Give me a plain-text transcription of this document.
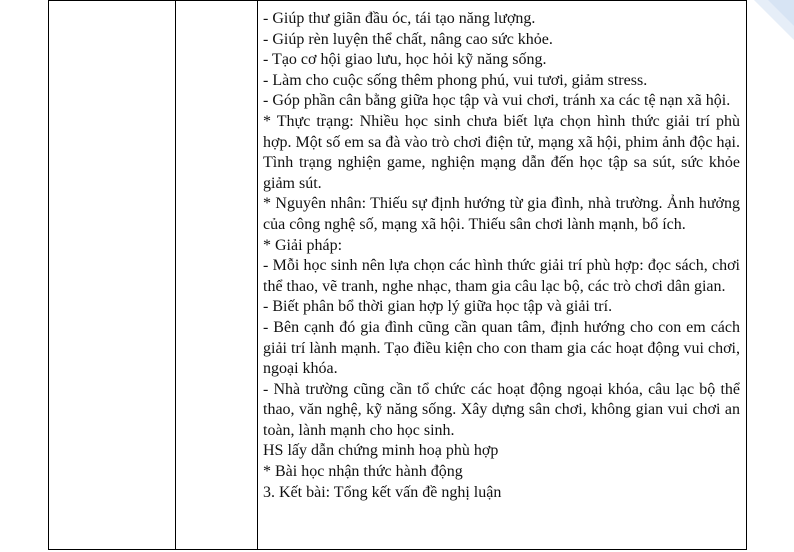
- Giúp thư giãn đầu óc, tái tạo năng lượng.
- Giúp rèn luyện thể chất, nâng cao sức khỏe.
- Tạo cơ hội giao lưu, học hỏi kỹ năng sống.
- Làm cho cuộc sống thêm phong phú, vui tươi, giảm stress.
- Góp phần cân bằng giữa học tập và vui chơi, tránh xa các tệ nạn xã hội.
* Thực trạng: Nhiều học sinh chưa biết lựa chọn hình thức giải trí phù hợp. Một số em sa đà vào trò chơi điện tử, mạng xã hội, phim ảnh độc hại. Tình trạng nghiện game, nghiện mạng dẫn đến học tập sa sút, sức khỏe giảm sút.
* Nguyên nhân: Thiếu sự định hướng từ gia đình, nhà trường. Ảnh hưởng của công nghệ số, mạng xã hội. Thiếu sân chơi lành mạnh, bổ ích.
* Giải pháp:
- Mỗi học sinh nên lựa chọn các hình thức giải trí phù hợp: đọc sách, chơi thể thao, vẽ tranh, nghe nhạc, tham gia câu lạc bộ, các trò chơi dân gian.
- Biết phân bổ thời gian hợp lý giữa học tập và giải trí.
- Bên cạnh đó gia đình cũng cần quan tâm, định hướng cho con em cách giải trí lành mạnh. Tạo điều kiện cho con tham gia các hoạt động vui chơi, ngoại khóa.
- Nhà trường cũng cần tổ chức các hoạt động ngoại khóa, câu lạc bộ thể thao, văn nghệ, kỹ năng sống. Xây dựng sân chơi, không gian vui chơi an toàn, lành mạnh cho học sinh.
HS lấy dẫn chứng minh hoạ phù hợp
* Bài học nhận thức hành động
3. Kết bài: Tổng kết vấn đề nghị luận
